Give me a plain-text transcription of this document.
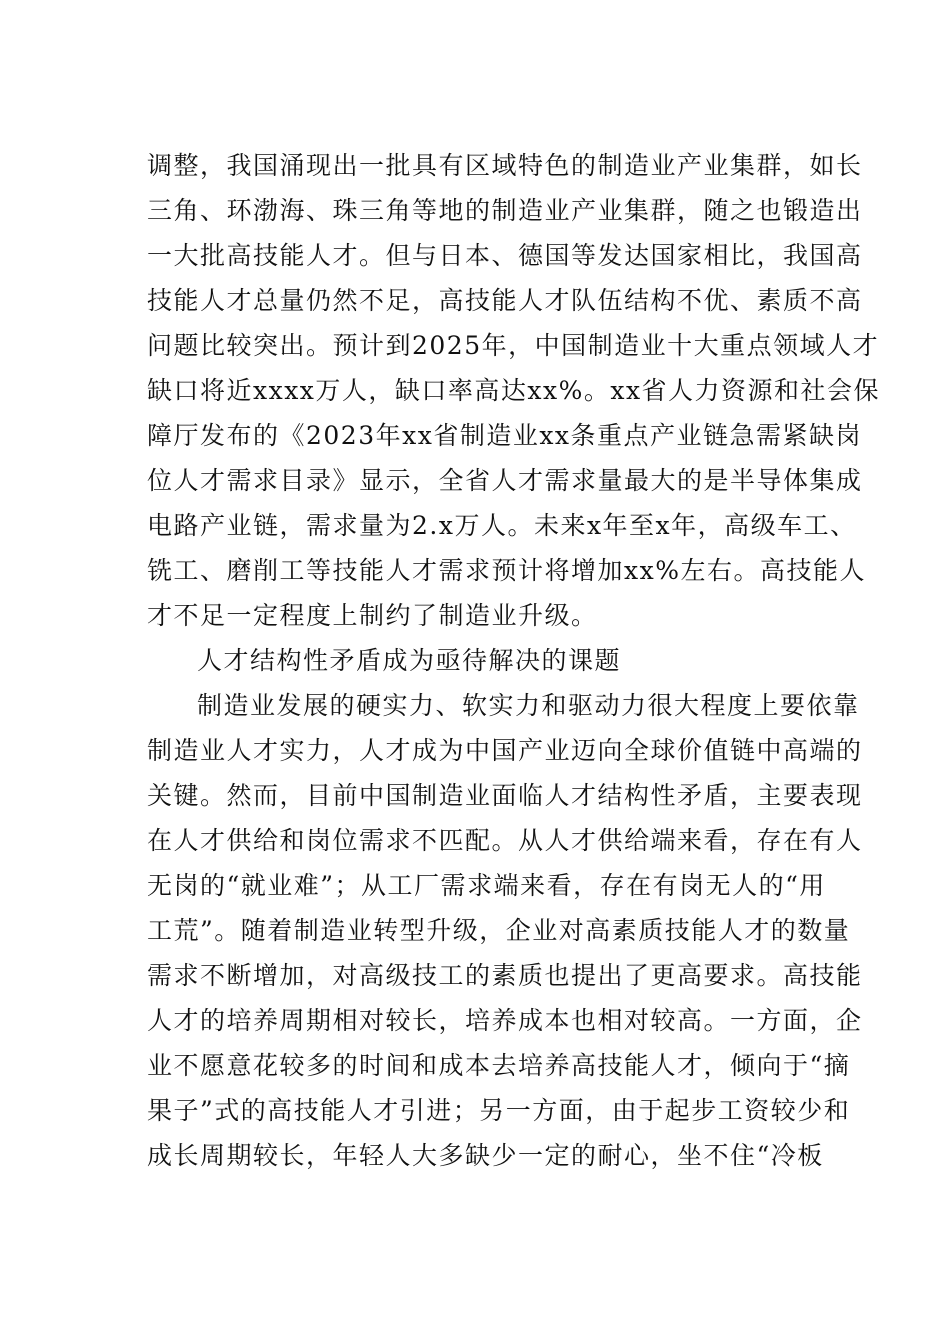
调整，我国涌现出一批具有区域特色的制造业产业集群，如长
三角、环渤海、珠三角等地的制造业产业集群，随之也锻造出
一大批高技能人才。但与日本、德国等发达国家相比，我国高
技能人才总量仍然不足，高技能人才队伍结构不优、素质不高
问题比较突出。预计到2025年，中国制造业十大重点领域人才
缺口将近xxxx万人，缺口率高达xx%。xx省人力资源和社会保
障厅发布的《2023年xx省制造业xx条重点产业链急需紧缺岗
位人才需求目录》显示，全省人才需求量最大的是半导体集成
电路产业链，需求量为2.x万人。未来x年至x年，高级车工、
铣工、磨削工等技能人才需求预计将增加xx%左右。高技能人
才不足一定程度上制约了制造业升级。
人才结构性矛盾成为亟待解决的课题
制造业发展的硬实力、软实力和驱动力很大程度上要依靠
制造业人才实力，人才成为中国产业迈向全球价值链中高端的
关键。然而，目前中国制造业面临人才结构性矛盾，主要表现
在人才供给和岗位需求不匹配。从人才供给端来看，存在有人
无岗的“就业难”；从工厂需求端来看，存在有岗无人的“用
工荒”。随着制造业转型升级，企业对高素质技能人才的数量
需求不断增加，对高级技工的素质也提出了更高要求。高技能
人才的培养周期相对较长，培养成本也相对较高。一方面，企
业不愿意花较多的时间和成本去培养高技能人才，倾向于“摘
果子”式的高技能人才引进；另一方面，由于起步工资较少和
成长周期较长，年轻人大多缺少一定的耐心，坐不住“冷板
